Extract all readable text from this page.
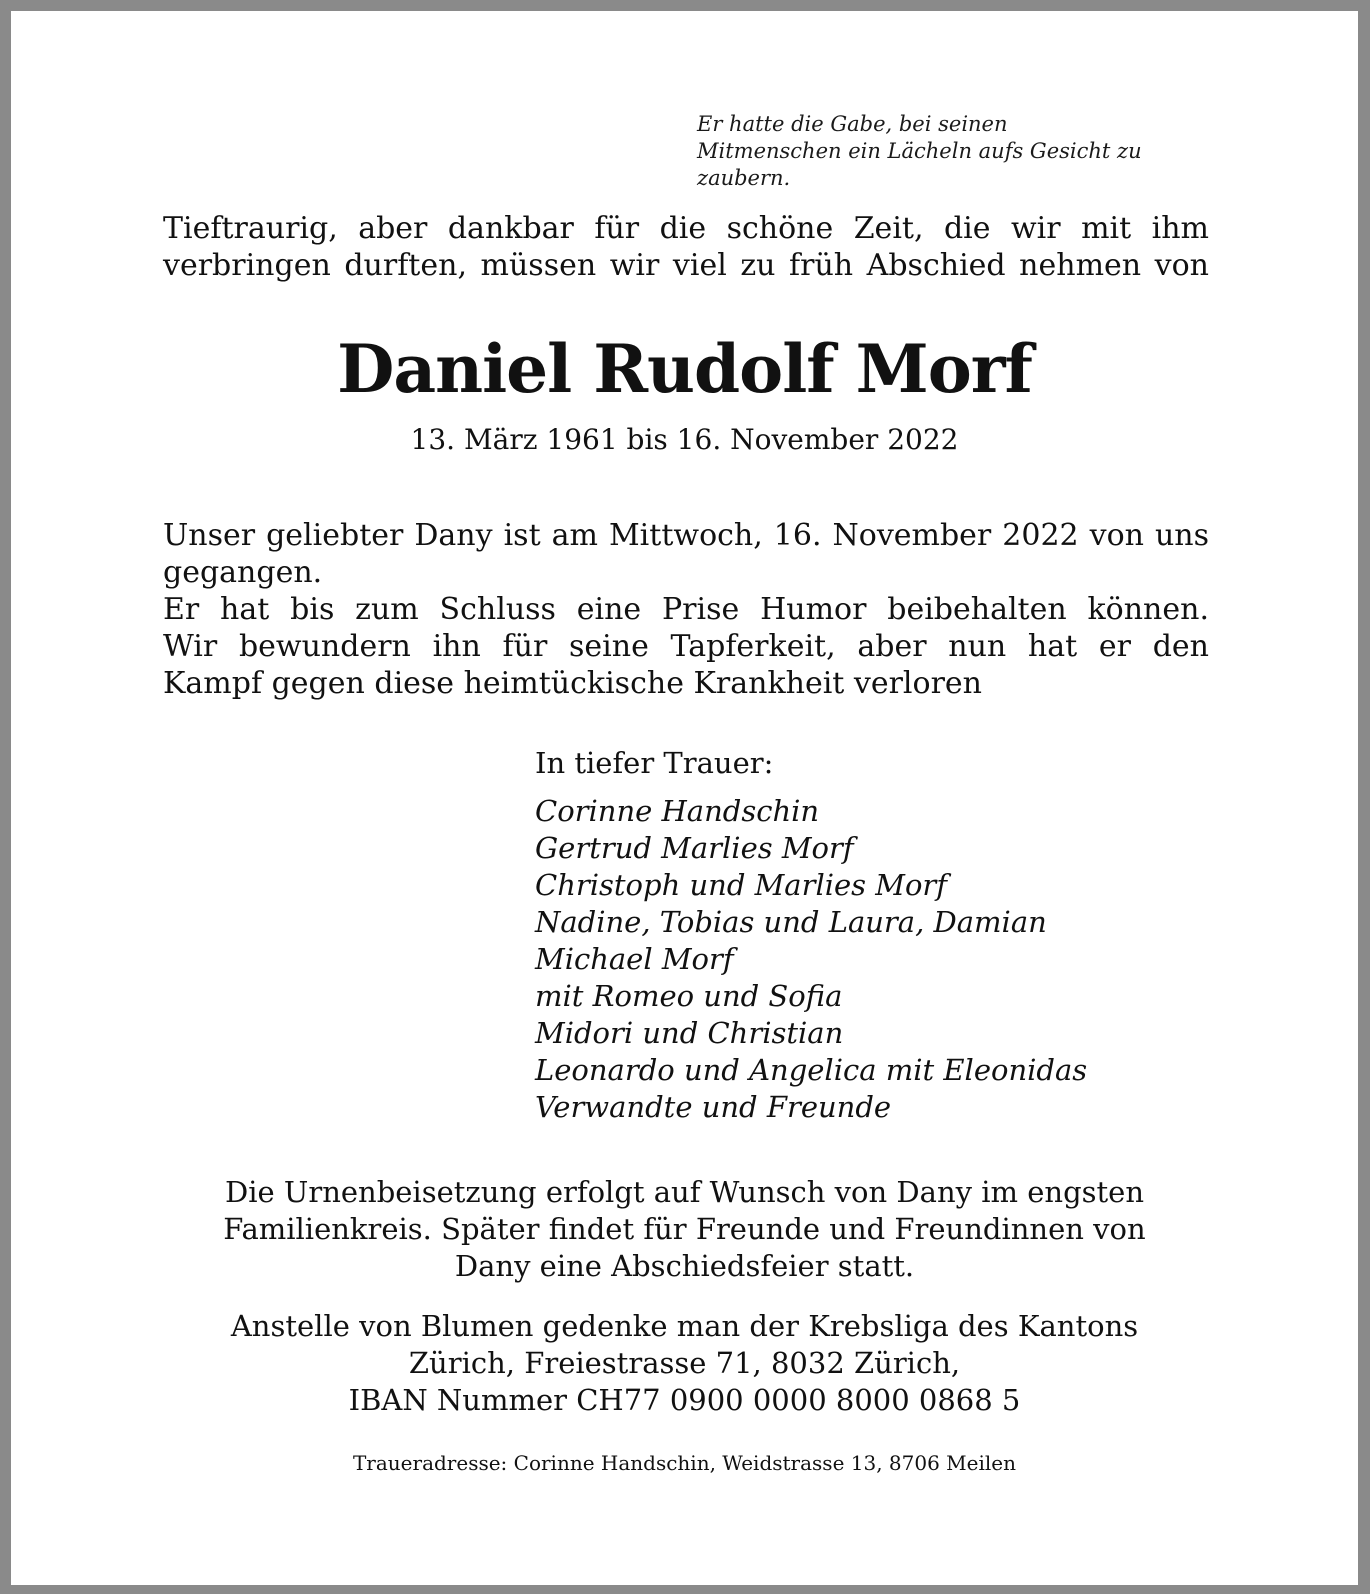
Er hatte die Gabe, bei seinen
Mitmenschen ein Lächeln aufs Gesicht zu
zaubern.

Tieftraurig, aber dankbar für die schöne Zeit, die wir mit ihm
verbringen durften, müssen wir viel zu früh Abschied nehmen von

Daniel Rudolf Morf

13. März 1961 bis 16. November 2022

Unser geliebter Dany ist am Mittwoch, 16. November 2022 von uns
gegangen.
Er hat bis zum Schluss eine Prise Humor beibehalten können.
Wir bewundern ihn für seine Tapferkeit, aber nun hat er den
Kampf gegen diese heimtückische Krankheit verloren

In tiefer Trauer:

Corinne Handschin
Gertrud Marlies Morf
Christoph und Marlies Morf
Nadine, Tobias und Laura, Damian
Michael Morf
mit Romeo und Sofia
Midori und Christian
Leonardo und Angelica mit Eleonidas
Verwandte und Freunde

Die Urnenbeisetzung erfolgt auf Wunsch von Dany im engsten
Familienkreis. Später findet für Freunde und Freundinnen von
Dany eine Abschiedsfeier statt.

Anstelle von Blumen gedenke man der Krebsliga des Kantons
Zürich, Freiestrasse 71, 8032 Zürich,
IBAN Nummer CH77 0900 0000 8000 0868 5

Traueradresse: Corinne Handschin, Weidstrasse 13, 8706 Meilen
